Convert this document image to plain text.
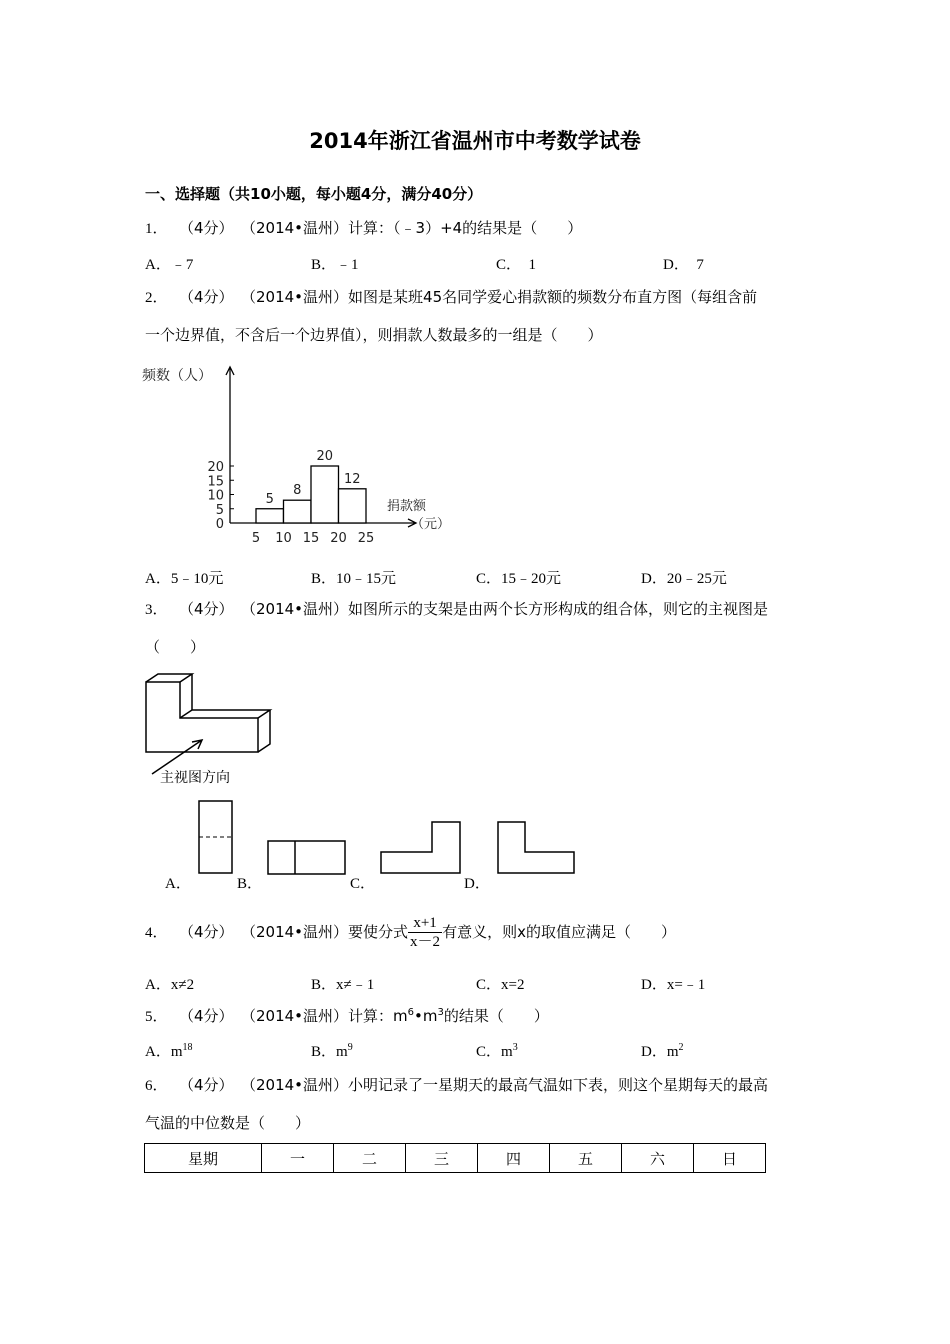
2014年浙江省温州市中考数学试卷
一、选择题（共10小题，每小题4分，满分40分）
1． （4分） （2014•温州）计算：（﹣3）+4的结果是（　　）
A．﹣7	B．﹣1	C．　1	D．　7
2． （4分） （2014•温州）如图是某班45名同学爱心捐款额的频数分布直方图（每组含前
一个边界值，不含后一个边界值），则捐款人数最多的一组是（　　）
频数（人）
捐款额
（元）
0
5
10
15
20
5 10 15 20 25
5
8
20
12
A．5﹣10元	B．10﹣15元	C．15﹣20元	D．20﹣25元
3． （4分） （2014•温州）如图所示的支架是由两个长方形构成的组合体，则它的主视图是
（　　）
主视图方向
A．	B．	C．	D．
4． （4分） （2014•温州）要使分式 $\frac{x+1}{x-2}$ 有意义，则x的取值应满足（　　）
A．x≠2	B．x≠﹣1	C．x=2	D．x=﹣1
5． （4分） （2014•温州）计算：$m^6•m^3$的结果（　　）
A．$m^{18}$	B．$m^9$	C．$m^3$	D．$m^2$
6． （4分） （2014•温州）小明记录了一星期天的最高气温如下表，则这个星期每天的最高
气温的中位数是（　　）
星期	一	二	三	四	五	六	日
